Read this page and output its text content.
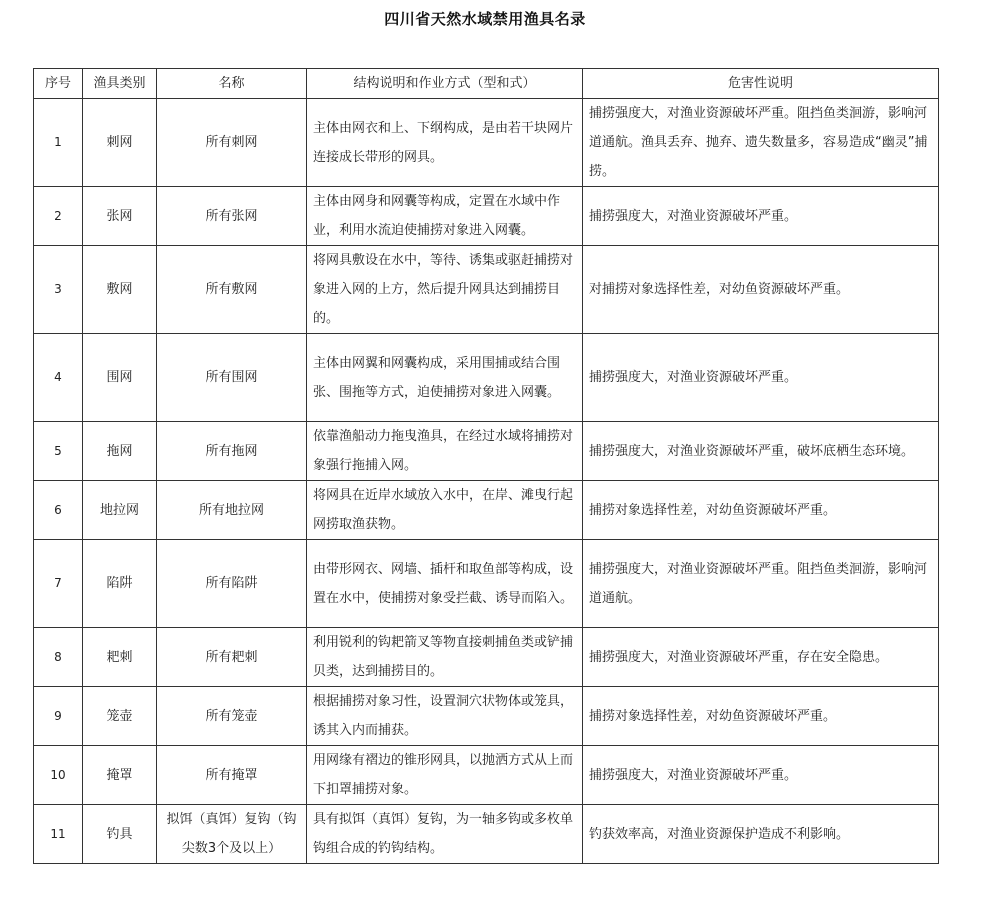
四川省天然水域禁用渔具名录
序号	渔具类别	名称	结构说明和作业方式（型和式）	危害性说明
1	刺网	所有刺网	主体由网衣和上、下纲构成，是由若干块网片连接成长带形的网具。	捕捞强度大，对渔业资源破坏严重。阻挡鱼类洄游，影响河道通航。渔具丢弃、抛弃、遗失数量多，容易造成“幽灵”捕捞。
2	张网	所有张网	主体由网身和网囊等构成，定置在水域中作业，利用水流迫使捕捞对象进入网囊。	捕捞强度大，对渔业资源破坏严重。
3	敷网	所有敷网	将网具敷设在水中，等待、诱集或驱赶捕捞对象进入网的上方，然后提升网具达到捕捞目的。	对捕捞对象选择性差，对幼鱼资源破坏严重。
4	围网	所有围网	主体由网翼和网囊构成，采用围捕或结合围张、围拖等方式，迫使捕捞对象进入网囊。	捕捞强度大，对渔业资源破坏严重。
5	拖网	所有拖网	依靠渔船动力拖曳渔具，在经过水域将捕捞对象强行拖捕入网。	捕捞强度大，对渔业资源破坏严重，破坏底栖生态环境。
6	地拉网	所有地拉网	将网具在近岸水域放入水中，在岸、滩曳行起网捞取渔获物。	捕捞对象选择性差，对幼鱼资源破坏严重。
7	陷阱	所有陷阱	由带形网衣、网墙、插杆和取鱼部等构成，设置在水中，使捕捞对象受拦截、诱导而陷入。	捕捞强度大，对渔业资源破坏严重。阻挡鱼类洄游，影响河道通航。
8	耙刺	所有耙刺	利用锐利的钩耙箭叉等物直接刺捕鱼类或铲捕贝类，达到捕捞目的。	捕捞强度大，对渔业资源破坏严重，存在安全隐患。
9	笼壶	所有笼壶	根据捕捞对象习性，设置洞穴状物体或笼具，诱其入内而捕获。	捕捞对象选择性差，对幼鱼资源破坏严重。
10	掩罩	所有掩罩	用网缘有褶边的锥形网具，以抛洒方式从上而下扣罩捕捞对象。	捕捞强度大，对渔业资源破坏严重。
11	钓具	拟饵（真饵）复钩（钩尖数3个及以上）	具有拟饵（真饵）复钩，为一轴多钩或多枚单钩组合成的钓钩结构。	钓获效率高，对渔业资源保护造成不利影响。
